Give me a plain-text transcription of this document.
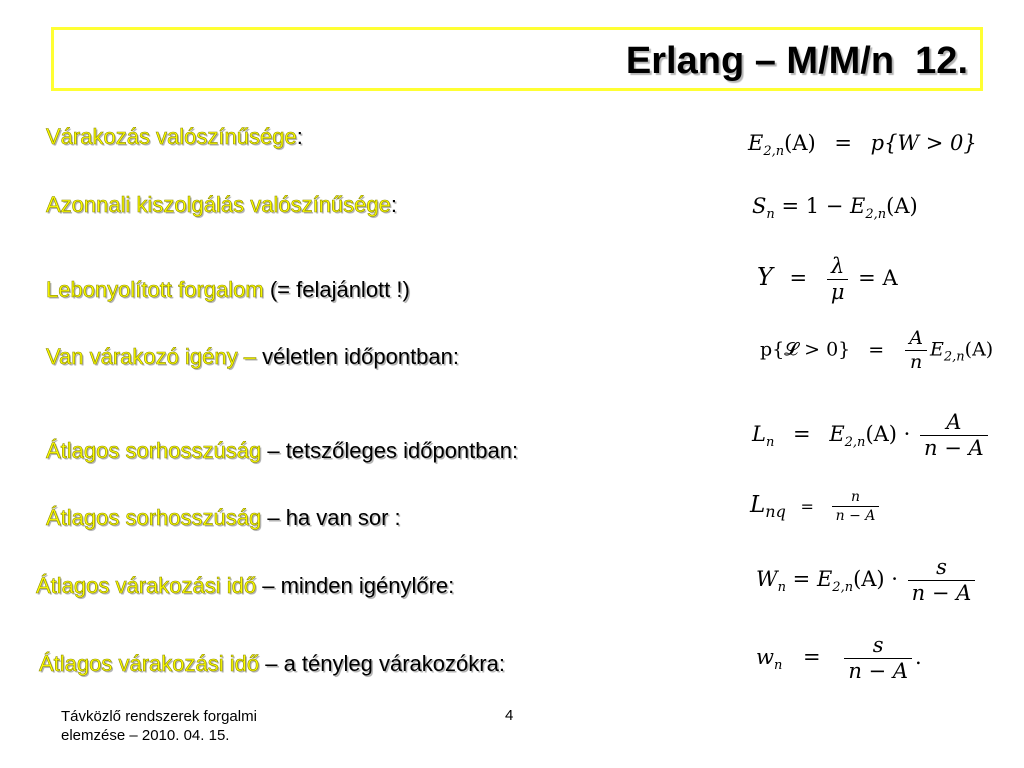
Erlang – M/M/n  12.
Várakozás valószínűsége:
Azonnali kiszolgálás valószínűsége:
Lebonyolított forgalom (= felajánlott !)
Van várakozó igény – véletlen időpontban:
Átlagos sorhosszúság – tetszőleges időpontban:
Átlagos sorhosszúság – ha van sor :
Átlagos várakozási idő – minden igénylőre:
Átlagos várakozási idő – a tényleg várakozókra:
$E_{2,n}(A) = p\{W > 0\}$
$S_n = 1 - E_{2,n}(A)$
$Y = \frac{\lambda}{\mu} = A$
p{𝓛 > $0\} = \frac{A}{n} E_{2,n}(A)$
$L_n = E_{2,n}(A) \cdot \frac{A}{n - A}$
$L_{nq} = \frac{n}{n - A}$
$W_n = E_{2,n}(A) \cdot \frac{s}{n - A}$
$w_n = \frac{s}{n - A}$ .
Távközlő rendszerek forgalmi elemzése – 2010. 04. 15.
4
